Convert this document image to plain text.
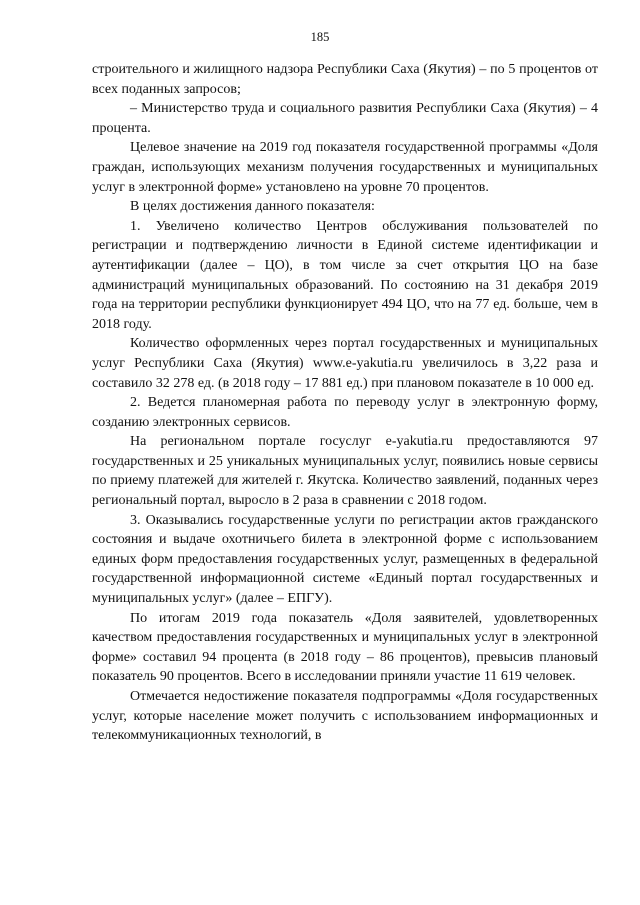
185

строительного и жилищного надзора Республики Саха (Якутия) – по 5 процентов от всех поданных запросов;

– Министерство труда и социального развития Республики Саха (Якутия) – 4 процента.

Целевое значение на 2019 год показателя государственной программы «Доля граждан, использующих механизм получения государственных и муниципальных услуг в электронной форме» установлено на уровне 70 процентов.

В целях достижения данного показателя:

1. Увеличено количество Центров обслуживания пользователей по регистрации и подтверждению личности в Единой системе идентификации и аутентификации (далее – ЦО), в том числе за счет открытия ЦО на базе администраций муниципальных образований. По состоянию на 31 декабря 2019 года на территории республики функционирует 494 ЦО, что на 77 ед. больше, чем в 2018 году.

Количество оформленных через портал государственных и муниципальных услуг Республики Саха (Якутия) www.e-yakutia.ru увеличилось в 3,22 раза и составило 32 278 ед. (в 2018 году – 17 881 ед.) при плановом показателе в 10 000 ед.

2. Ведется планомерная работа по переводу услуг в электронную форму, созданию электронных сервисов.

На региональном портале госуслуг e-yakutia.ru предоставляются 97 государственных и 25 уникальных муниципальных услуг, появились новые сервисы по приему платежей для жителей г. Якутска. Количество заявлений, поданных через региональный портал, выросло в 2 раза в сравнении с 2018 годом.

3. Оказывались государственные услуги по регистрации актов гражданского состояния и выдаче охотничьего билета в электронной форме с использованием единых форм предоставления государственных услуг, размещенных в федеральной государственной информационной системе «Единый портал государственных и муниципальных услуг» (далее – ЕПГУ).

По итогам 2019 года показатель «Доля заявителей, удовлетворенных качеством предоставления государственных и муниципальных услуг в электронной форме» составил 94 процента (в 2018 году – 86 процентов), превысив плановый показатель 90 процентов. Всего в исследовании приняли участие 11 619 человек.

Отмечается недостижение показателя подпрограммы «Доля государственных услуг, которые население может получить с использованием информационных и телекоммуникационных технологий, в
